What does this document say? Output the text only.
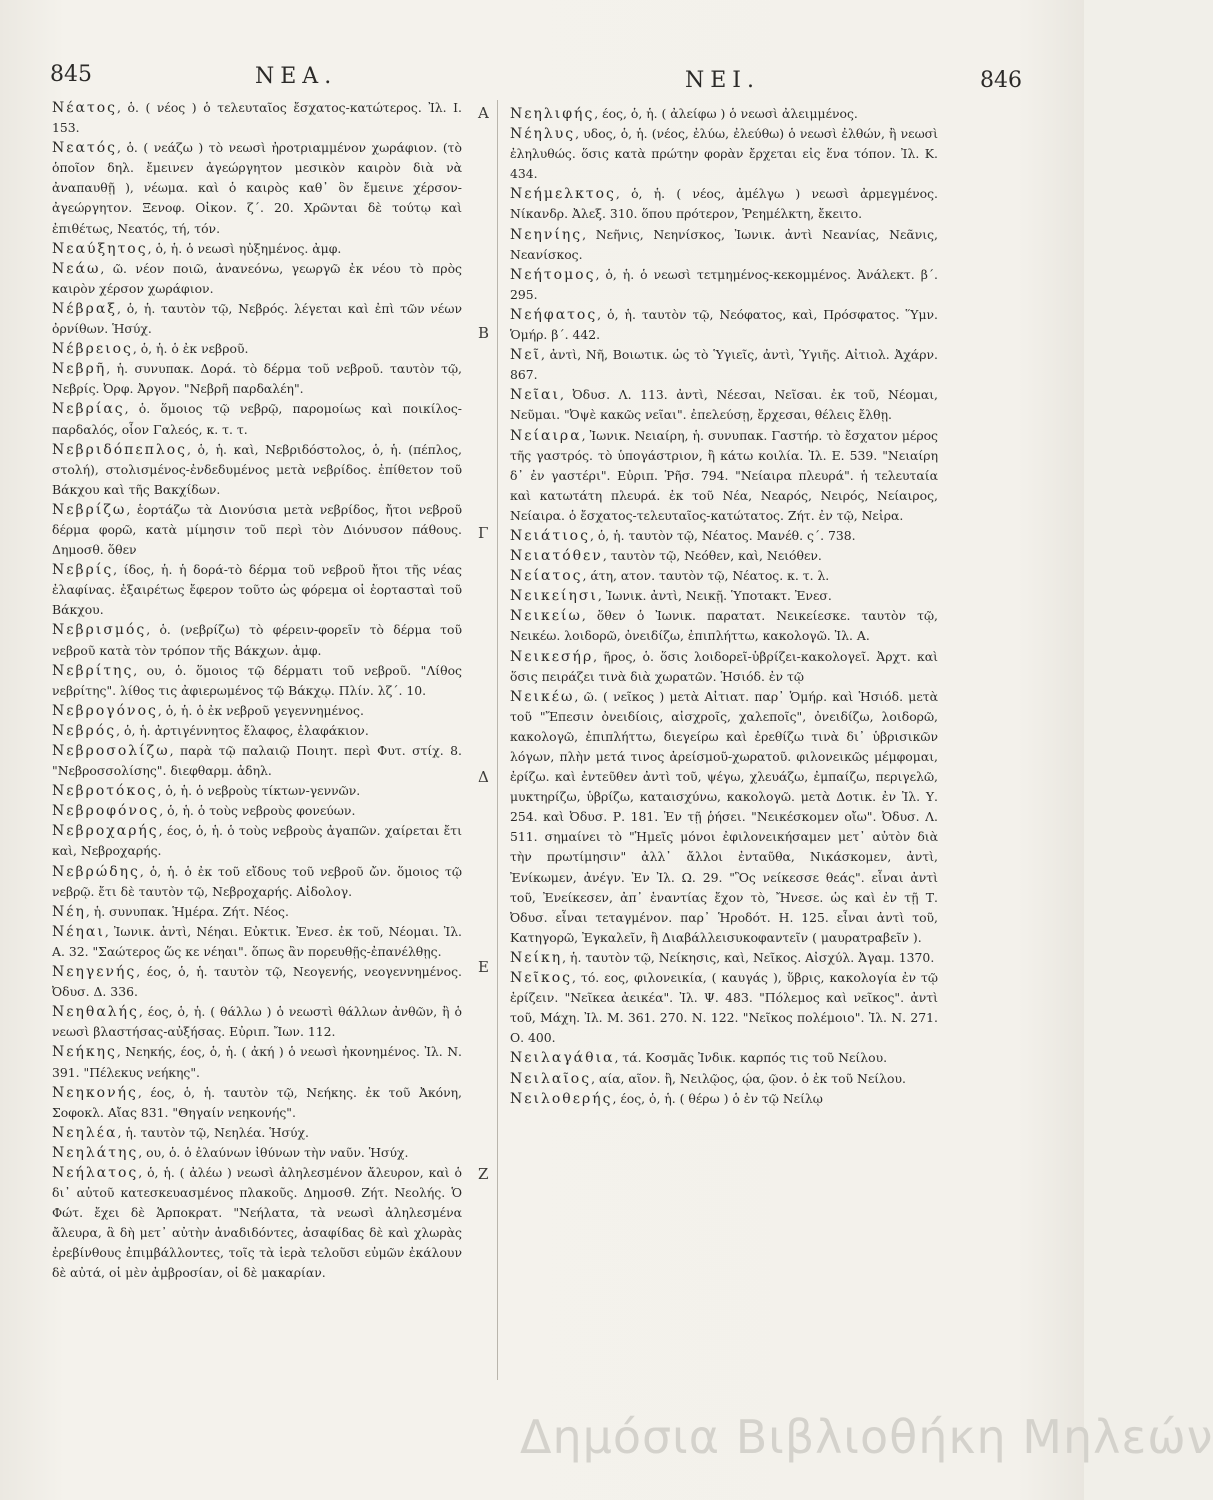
845	ΝΕΑ.	ΝΕΙ.	846

Νέατος, ὁ. ( νέος ) ὁ τελευταῖος ἔσχατος-κατώτερος. Ἰλ. Ι. 153.

Νεατός, ὁ. ( νεάζω ) τὸ νεωσὶ ἠροτριαμμένον χωράφιον. (τὸ ὁποῖον δηλ. ἔμεινεν ἀγεώργητον μεσικὸν καιρὸν διὰ νὰ ἀναπαυθῇ ), νέωμα. καὶ ὁ καιρὸς καθ᾽ ὃν ἔμεινε χέρσον-ἀγεώργητον. Ξενοφ. Οἰκον. ζ΄. 20. Χρῶνται δὲ τούτῳ καὶ ἐπιθέτως, Νεατός, τή, τόν.

Νεαύξητος, ὁ, ἡ. ὁ νεωσὶ ηὐξημένος. ἀμφ.

Νεάω, ῶ. νέον ποιῶ, ἀνανεόνω, γεωργῶ ἐκ νέου τὸ πρὸς καιρὸν χέρσον χωράφιον.

Νέβραξ, ὁ, ἡ. ταυτὸν τῷ, Νεβρός. λέγεται καὶ ἐπὶ τῶν νέων ὀρνίθων. Ἡσύχ.

Νέβρειος, ὁ, ἡ. ὁ ἐκ νεβροῦ.

Νεβρῆ, ἡ. συνυπακ. Δορά. τὸ δέρμα τοῦ νεβροῦ. ταυτὸν τῷ, Νεβρίς. Ὀρφ. Ἀργον. "Νεβρῆ παρδαλέη".

Νεβρίας, ὁ. ὅμοιος τῷ νεβρῷ, παρομοίως καὶ ποικίλος-παρδαλός, οἷον Γαλεός, κ. τ. τ.

Νεβριδόπεπλος, ὁ, ἡ. καὶ, Νεβριδόστολος, ὁ, ἡ. (πέπλος, στολή), στολισμένος-ἐνδεδυμένος μετὰ νεβρίδος. ἐπίθετον τοῦ Βάκχου καὶ τῆς Βακχίδων.

Νεβρίζω, ἑορτάζω τὰ Διονύσια μετὰ νεβρίδος, ἤτοι νεβροῦ δέρμα φορῶ, κατὰ μίμησιν τοῦ περὶ τὸν Διόνυσον πάθους. Δημοσθ. ὅθεν

Νεβρίς, ίδος, ἡ. ἡ δορά-τὸ δέρμα τοῦ νεβροῦ ἤτοι τῆς νέας ἐλαφίνας. ἐξαιρέτως ἔφερον τοῦτο ὡς φόρεμα οἱ ἑορτασταὶ τοῦ Βάκχου.

Νεβρισμός, ὁ. (νεβρίζω) τὸ φέρειν-φορεῖν τὸ δέρμα τοῦ νεβροῦ κατὰ τὸν τρόπον τῆς Βάκχων. ἀμφ.

Νεβρίτης, ου, ὁ. ὅμοιος τῷ δέρματι τοῦ νεβροῦ. "Λίθος νεβρίτης". λίθος τις ἀφιερωμένος τῷ Βάκχῳ. Πλίν. λζ΄. 10.

Νεβρογόνος, ὁ, ἡ. ὁ ἐκ νεβροῦ γεγεννημένος.

Νεβρός, ὁ, ἡ. ἀρτιγέννητος ἔλαφος, ἐλαφάκιον.

Νεβροσολίζω, παρὰ τῷ παλαιῷ Ποιητ. περὶ Φυτ. στίχ. 8. "Νεβροσσολίσης". διεφθαρμ. ἀδηλ.

Νεβροτόκος, ὁ, ἡ. ὁ νεβροὺς τίκτων-γεννῶν.

Νεβροφόνος, ὁ, ἡ. ὁ τοὺς νεβροὺς φονεύων.

Νεβροχαρής, έος, ὁ, ἡ. ὁ τοὺς νεβροὺς ἀγαπῶν. χαίρεται ἔτι καὶ, Νεβροχαρής.

Νεβρώδης, ὁ, ἡ. ὁ ἐκ τοῦ εἴδους τοῦ νεβροῦ ὤν. ὅμοιος τῷ νεβρῷ. ἔτι δὲ ταυτὸν τῷ, Νεβροχαρής. Αἰδολογ.

Νέη, ἡ. συνυπακ. Ἡμέρα. Ζήτ. Νέος.

Νέηαι, Ἰωνικ. ἀντὶ, Νέηαι. Εὐκτικ. Ἐνεσ. ἐκ τοῦ, Νέομαι. Ἰλ. Α. 32. "Σαώτερος ὥς κε νέηαι". ὅπως ἂν πορευθῇς-ἐπανέλθῃς.

Νεηγενής, έος, ὁ, ἡ. ταυτὸν τῷ, Νεογενής, νεογεννημένος. Ὀδυσ. Δ. 336.

Νεηθαλής, έος, ὁ, ἡ. ( θάλλω ) ὁ νεωστὶ θάλλων ἀνθῶν, ἢ ὁ νεωσὶ βλαστήσας-αὐξήσας. Εὐριπ. Ἴων. 112.

Νεήκης, Νεηκής, έος, ὁ, ἡ. ( ἀκή ) ὁ νεωσὶ ἠκονημένος. Ἰλ. Ν. 391. "Πέλεκυς νεήκης".

Νεηκονής, έος, ὁ, ἡ. ταυτὸν τῷ, Νεήκης. ἐκ τοῦ Ἀκόνη, Σοφοκλ. Αἴας 831. "Θηγαίν νεηκονής".

Νεηλέα, ἡ. ταυτὸν τῷ, Νεηλέα. Ἡσύχ.

Νεηλάτης, ου, ὁ. ὁ ἐλαύνων ἰθύνων τὴν ναῦν. Ἡσύχ.

Νεήλατος, ὁ, ἡ. ( ἀλέω ) νεωσὶ ἀληλεσμένον ἄλευρον, καὶ ὁ δι᾽ αὐτοῦ κατεσκευασμένος πλακοῦς. Δημοσθ. Ζήτ. Νεολής. Ὁ Φώτ. ἔχει δὲ Ἁρποκρατ. "Νεήλατα, τὰ νεωσὶ ἀληλεσμένα ἄλευρα, ἃ δὴ μετ᾽ αὐτὴν ἀναδιδόντες, ἀσαφίδας δὲ καὶ χλωρὰς ἐρεβίνθους ἐπιμβάλλοντες, τοῖς τὰ ἱερὰ τελοῦσι εὐμῶν ἐκάλουν δὲ αὐτά, οἱ μὲν ἀμβροσίαν, οἱ δὲ μακαρίαν.

Α
Β
Γ
Δ
Ε
Ζ

Νεηλιφής, έος, ὁ, ἡ. ( ἀλείφω ) ὁ νεωσὶ ἀλειμμένος.

Νέηλυς, υδος, ὁ, ἡ. (νέος, ἐλύω, ἐλεύθω) ὁ νεωσὶ ἐλθών, ἢ νεωσὶ ἐληλυθώς. ὅσις κατὰ πρώτην φορὰν ἔρχεται εἰς ἕνα τόπον. Ἰλ. Κ. 434.

Νεήμελκτος, ὁ, ἡ. ( νέος, ἀμέλγω ) νεωσὶ ἀρμεγμένος. Νίκανδρ. Ἀλεξ. 310. ὅπου πρότερον, Ῥεημέλκτη, ἔκειτο.

Νεηνίης, Νεῆνις, Νεηνίσκος, Ἰωνικ. ἀντὶ Νεανίας, Νεᾶνις, Νεανίσκος.

Νεήτομος, ὁ, ἡ. ὁ νεωσὶ τετμημένος-κεκομμένος. Ἀνάλεκτ. β΄. 295.

Νεήφατος, ὁ, ἡ. ταυτὸν τῷ, Νεόφατος, καὶ, Πρόσφατος. Ὕμν. Ὁμήρ. β΄. 442.

Νεῖ, ἀντὶ, Νῆ, Βοιωτικ. ὡς τὸ Ὑγιεῖς, ἀντὶ, Ὑγιῆς. Αἰτιολ. Ἀχάρν. 867.

Νεῖαι, Ὀδυσ. Λ. 113. ἀντὶ, Νέεσαι, Νεῖσαι. ἐκ τοῦ, Νέομαι, Νεῦμαι. "Ὀψὲ κακῶς νεῖαι". ἐπελεύσῃ, ἔρχεσαι, θέλεις ἔλθῃ.

Νείαιρα, Ἰωνικ. Νειαίρη, ἡ. συνυπακ. Γαστήρ. τὸ ἔσχατον μέρος τῆς γαστρός. τὸ ὑπογάστριον, ἢ κάτω κοιλία. Ἰλ. Ε. 539. "Νειαίρη δ᾽ ἐν γαστέρι". Εὐριπ. Ῥῆσ. 794. "Νείαιρα πλευρά". ἡ τελευταία καὶ κατωτάτη πλευρά. ἐκ τοῦ Νέα, Νεαρός, Νειρός, Νείαιρος, Νείαιρα. ὁ ἔσχατος-τελευταῖος-κατώτατος. Ζήτ. ἐν τῷ, Νεἰρα.

Νειάτιος, ὁ, ἡ. ταυτὸν τῷ, Νέατος. Μανέθ. ς΄. 738.

Νειατόθεν, ταυτὸν τῷ, Νεόθεν, καὶ, Νειόθεν.

Νείατος, άτη, ατον. ταυτὸν τῷ, Νέατος. κ. τ. λ.

Νεικείησι, Ἰωνικ. ἀντὶ, Νεικῇ. Ὑποτακτ. Ἐνεσ.

Νεικείω, ὅθεν ὁ Ἰωνικ. παρατατ. Νεικείεσκε. ταυτὸν τῷ, Νεικέω. λοιδορῶ, ὀνειδίζω, ἐπιπλήττω, κακολογῶ. Ἰλ. Α.

Νεικεσήρ, ῆρος, ὁ. ὅσις λοιδορεῖ-ὑβρίζει-κακολογεῖ. Ἀρχτ. καὶ ὅσις πειράζει τινὰ διὰ χωρατῶν. Ἡσιόδ. ἐν τῷ

Νεικέω, ῶ. ( νεῖκος ) μετὰ Αἰτιατ. παρ᾽ Ὁμήρ. καὶ Ἡσιόδ. μετὰ τοῦ "Ἔπεσιν ὀνειδίοις, αἰσχροῖς, χαλεποῖς", ὀνειδίζω, λοιδορῶ, κακολογῶ, ἐπιπλήττω, διεγείρω καὶ ἐρεθίζω τινὰ δι᾽ ὑβρισικῶν λόγων, πλὴν μετά τινος ἀρείσμοῦ-χωρατοῦ. φιλονεικῶς μέμφομαι, ἐρίζω. καὶ ἐντεῦθεν ἀντὶ τοῦ, ψέγω, χλευάζω, ἐμπαίζω, περιγελῶ, μυκτηρίζω, ὑβρίζω, καταισχύνω, κακολογῶ. μετὰ Δοτικ. ἐν Ἰλ. Υ. 254. καὶ Ὀδυσ. Ρ. 181. Ἐν τῇ ῥήσει. "Νεικέσκομεν οἴω". Ὀδυσ. Λ. 511. σημαίνει τὸ "Ἡμεῖς μόνοι ἐφιλονεικήσαμεν μετ᾽ αὐτὸν διὰ τὴν πρωτίμησιν" ἀλλ᾽ ἄλλοι ἐνταῦθα, Νικάσκομεν, ἀντὶ, Ἐνίκωμεν, ἀνέγν. Ἐν Ἰλ. Ω. 29. "Ὃς νείκεσσε θεάς". εἶναι ἀντὶ τοῦ, Ἐνείκεσεν, ἀπ᾽ ἐναντίας ἔχον τὸ, Ἤνεσε. ὡς καὶ ἐν τῇ Τ. Ὀδυσ. εἶναι τεταγμένον. παρ᾽ Ἡροδότ. Η. 125. εἶναι ἀντὶ τοῦ, Κατηγορῶ, Ἐγκαλεῖν, ἢ Διαβάλλεισυκοφαντεῖν ( μαυρατραβεῖν ).

Νείκη, ἡ. ταυτὸν τῷ, Νείκησις, καὶ, Νεῖκος. Αἰσχύλ. Ἀγαμ. 1370.

Νεῖκος, τό. εος, φιλονεικία, ( καυγάς ), ὕβρις, κακολογία ἐν τῷ ἐρίζειν. "Νεῖκεα ἀεικέα". Ἰλ. Ψ. 483. "Πόλεμος καὶ νεῖκος". ἀντὶ τοῦ, Μάχη. Ἰλ. Μ. 361. 270. Ν. 122. "Νεῖκος πολέμοιο". Ἰλ. Ν. 271. Ο. 400.

Νειλαγάθια, τά. Κοσμᾶς Ἰνδικ. καρπός τις τοῦ Νείλου.

Νειλαῖος, αία, αῖον. ἢ, Νειλῷος, ῴα, ῷον. ὁ ἐκ τοῦ Νείλου.

Νειλοθερής, έος, ὁ, ἡ. ( θέρω ) ὁ ἐν τῷ Νείλῳ

Δημόσια Βιβλιοθήκη Μηλεών
